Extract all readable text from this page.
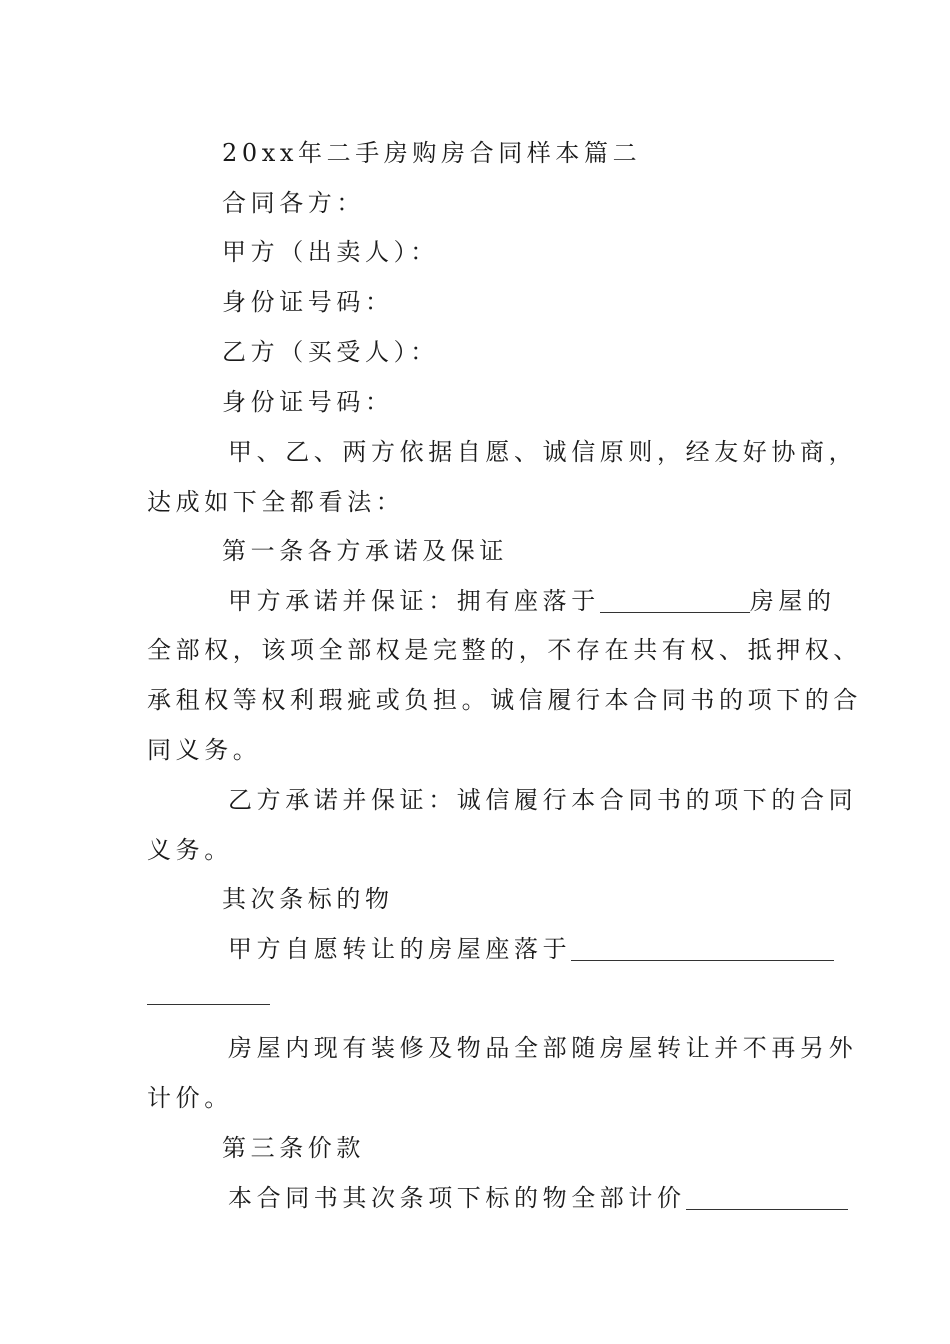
20xx年二手房购房合同样本篇二
合同各方：
甲方（出卖人）：
身份证号码：
乙方（买受人）：
身份证号码：
甲、乙、两方依据自愿、诚信原则，经友好协商，
达成如下全都看法：
第一条各方承诺及保证
甲方承诺并保证：拥有座落于	房屋的
全部权，该项全部权是完整的，不存在共有权、抵押权、
承租权等权利瑕疵或负担。诚信履行本合同书的项下的合
同义务。
乙方承诺并保证：诚信履行本合同书的项下的合同
义务。
其次条标的物
甲方自愿转让的房屋座落于
房屋内现有装修及物品全部随房屋转让并不再另外
计价。
第三条价款
本合同书其次条项下标的物全部计价
